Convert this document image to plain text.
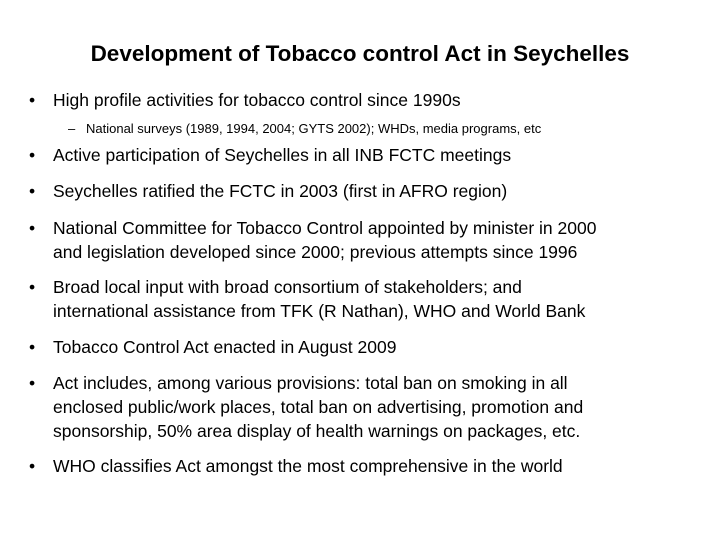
Development of Tobacco control Act in Seychelles
•	High profile activities for tobacco control since 1990s
– National surveys (1989, 1994, 2004; GYTS 2002); WHDs, media programs, etc
•	Active participation of Seychelles in all INB FCTC meetings
•	Seychelles ratified the FCTC in 2003 (first in AFRO region)
•	National Committee for Tobacco Control appointed by minister in 2000
and legislation developed since 2000; previous attempts since 1996
•	Broad local input with broad consortium of stakeholders; and
international assistance from TFK (R Nathan), WHO and World Bank
•	Tobacco Control Act enacted in August 2009
•	Act includes, among various provisions: total ban on smoking in all
enclosed public/work places, total ban on advertising, promotion and
sponsorship, 50% area display of health warnings on packages, etc.
•	WHO classifies Act amongst the most comprehensive in the world
